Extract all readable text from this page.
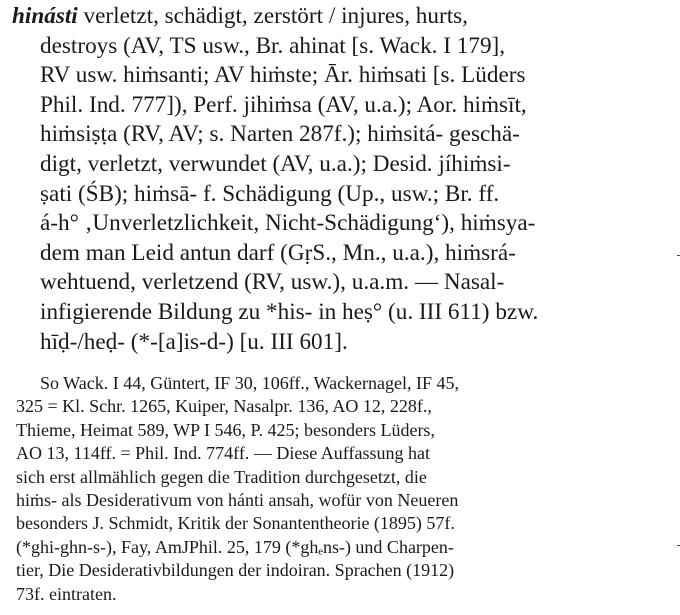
hinásti verletzt, schädigt, zerstört / injures, hurts,
destroys (AV, TS usw., Br. ahinat [s. Wack. I 179],
RV usw. hiṁsanti; AV hiṁste; Ār. hiṁsati [s. Lüders
Phil. Ind. 777]), Perf. jihiṁsa (AV, u.a.); Aor. hiṁsīt,
hiṁsiṣṭa (RV, AV; s. Narten 287f.); hiṁsitá- geschä-
digt, verletzt, verwundet (AV, u.a.); Desid. jíhiṁsi-
ṣati (ŚB); hiṁsā- f. Schädigung (Up., usw.; Br. ff.
á-h° ‚Unverletzlichkeit, Nicht-Schädigung‘), hiṁsya-
dem man Leid antun darf (GṛS., Mn., u.a.), hiṁsrá-
wehtuend, verletzend (RV, usw.), u.a.m. — Nasal-
infigierende Bildung zu *his- in heṣ° (u. III 611) bzw.
hīḍ-/heḍ- (*-[a]is-d-) [u. III 601].
So Wack. I 44, Güntert, IF 30, 106ff., Wackernagel, IF 45,
325 = Kl. Schr. 1265, Kuiper, Nasalpr. 136, AO 12, 228f.,
Thieme, Heimat 589, WP I 546, P. 425; besonders Lüders,
AO 13, 114ff. = Phil. Ind. 774ff. — Diese Auffassung hat
sich erst allmählich gegen die Tradition durchgesetzt, die
hiṁs- als Desiderativum von hánti ansah, wofür von Neueren
besonders J. Schmidt, Kritik der Sonantentheorie (1895) 57f.
(*ghi-ghn-s-), Fay, AmJPhil. 25, 179 (*ghₑns-) und Charpen-
tier, Die Desiderativbildungen der indoiran. Sprachen (1912)
73f. eintraten.
